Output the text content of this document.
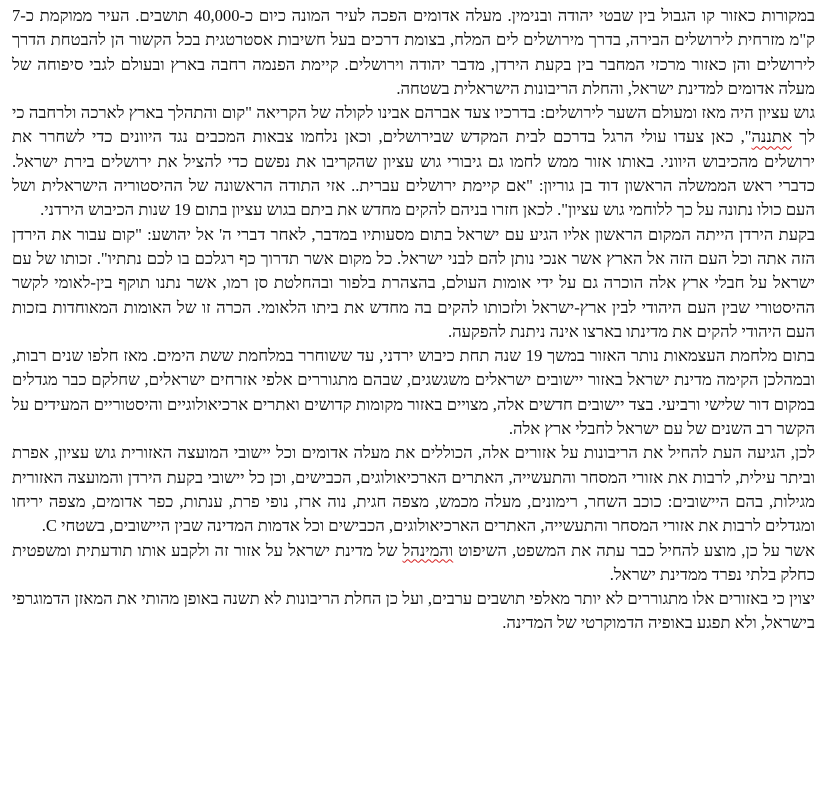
במקורות כאזור קו הגבול בין שבטי יהודה ובנימין. מעלה אדומים הפכה לעיר המונה כיום כ-40,000 תושבים. העיר ממוקמת כ-7 ק"מ מזרחית לירושלים הבירה, בדרך מירושלים לים המלח, בצומת דרכים בעל חשיבות אסטרטגית בכל הקשור הן להבטחת הדרך לירושלים והן כאזור מרכזי המחבר בין בקעת הירדן, מדבר יהודה וירושלים. קיימת הפנמה רחבה בארץ ובעולם לגבי סיפוחה של מעלה אדומים למדינת ישראל, והחלת הריבונות הישראלית בשטחה.

גוש עציון היה מאז ומעולם השער לירושלים: בדרכיו צעד אברהם אבינו לקולה של הקריאה "קום והתהלך בארץ לארכה ולרחבה כי לך אתננה", כאן צעדו עולי הרגל בדרכם לבית המקדש שבירושלים, וכאן נלחמו צבאות המכבים נגד היוונים כדי לשחרר את ירושלים מהכיבוש היווני. באותו אזור ממש לחמו גם גיבורי גוש עציון שהקריבו את נפשם כדי להציל את ירושלים בירת ישראל. כדברי ראש הממשלה הראשון דוד בן גוריון: "אם קיימת ירושלים עברית.. אזי התודה הראשונה של ההיסטוריה הישראלית ושל העם כולו נתונה על כך ללוחמי גוש עציון". לכאן חזרו בניהם להקים מחדש את ביתם בגוש עציון בתום 19 שנות הכיבוש הירדני.

בקעת הירדן הייתה המקום הראשון אליו הגיע עם ישראל בתום מסעותיו במדבר, לאחר דברי ה' אל יהושע: "קום עבור את הירדן הזה אתה וכל העם הזה אל הארץ אשר אנכי נותן להם לבני ישראל. כל מקום אשר תדרוך כף רגלכם בו לכם נתתיו". זכותו של עם ישראל על חבלי ארץ אלה הוכרה גם על ידי אומות העולם, בהצהרת בלפור ובהחלטת סן רמו, אשר נתנו תוקף בין-לאומי לקשר ההיסטורי שבין העם היהודי לבין ארץ-ישראל ולזכותו להקים בה מחדש את ביתו הלאומי. הכרה זו של האומות המאוחדות בזכות העם היהודי להקים את מדינתו בארצו אינה ניתנת להפקעה.

בתום מלחמת העצמאות נותר האזור במשך 19 שנה תחת כיבוש ירדני, עד ששוחרר במלחמת ששת הימים. מאז חלפו שנים רבות, ובמהלכן הקימה מדינת ישראל באזור יישובים ישראלים משגשגים, שבהם מתגוררים אלפי אזרחים ישראלים, שחלקם כבר מגדלים במקום דור שלישי ורביעי. בצד יישובים חדשים אלה, מצויים באזור מקומות קדושים ואתרים ארכיאולוגיים והיסטוריים המעידים על הקשר רב השנים של עם ישראל לחבלי ארץ אלה.

לכן, הגיעה העת להחיל את הריבונות על אזורים אלה, הכוללים את מעלה אדומים וכל יישובי המועצה האזורית גוש עציון, אפרת וביתר עילית, לרבות את אזורי המסחר והתעשייה, האתרים הארכיאולוגים, הכבישים, וכן כל יישובי בקעת הירדן והמועצה האזורית מגילות, בהם היישובים: כוכב השחר, רימונים, מעלה מכמש, מצפה חגית, נוה ארז, נופי פרת, ענתות, כפר אדומים, מצפה יריחו ומגדלים לרבות את אזורי המסחר והתעשייה, האתרים הארכיאולוגים, הכבישים וכל אדמות המדינה שבין היישובים, בשטחי C.

אשר על כן, מוצע להחיל כבר עתה את המשפט, השיפוט והמינהל של מדינת ישראל על אזור זה ולקבע אותו תודעתית ומשפטית כחלק בלתי נפרד ממדינת ישראל.

יצוין כי באזורים אלו מתגוררים לא יותר מאלפי תושבים ערבים, ועל כן החלת הריבונות לא תשנה באופן מהותי את המאזן הדמוגרפי בישראל, ולא תפגע באופיה הדמוקרטי של המדינה.
